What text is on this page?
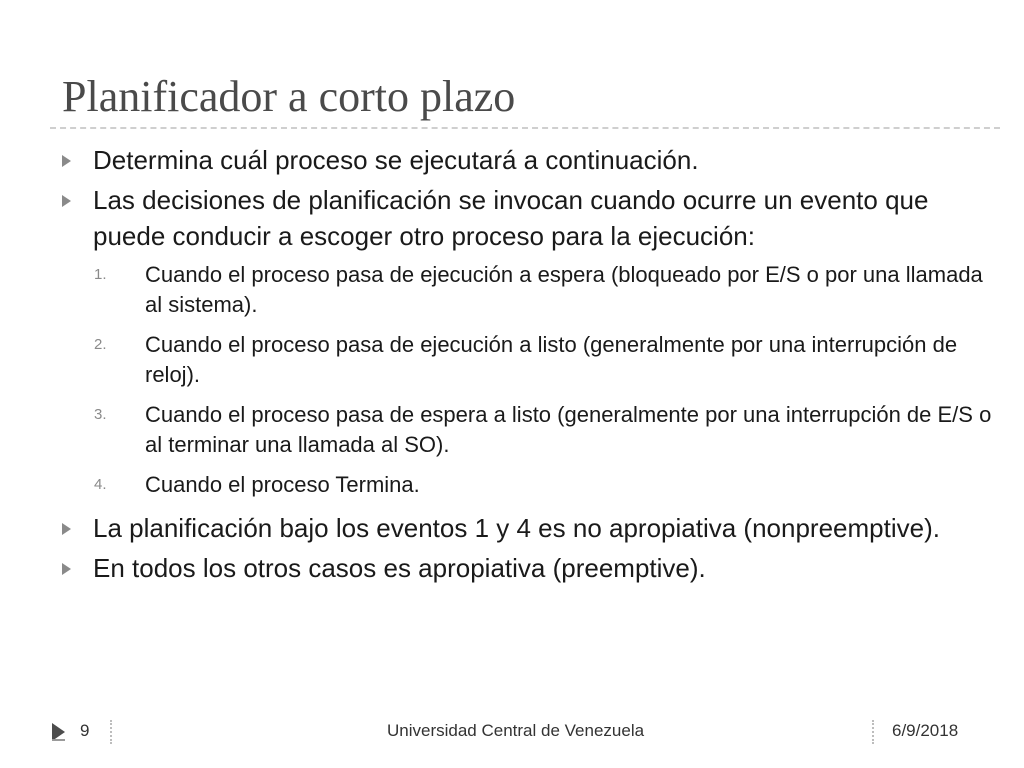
Planificador a corto plazo
Determina cuál proceso se ejecutará a continuación.
Las decisiones de planificación se invocan cuando ocurre un evento que puede conducir a escoger otro proceso para la ejecución:
1. Cuando el proceso pasa de ejecución a espera (bloqueado por E/S o por una llamada al sistema).
2. Cuando el proceso pasa de ejecución a listo (generalmente por una interrupción de reloj).
3. Cuando el proceso pasa de espera a listo (generalmente por una interrupción de E/S o al terminar una llamada al SO).
4. Cuando el proceso Termina.
La planificación bajo los eventos 1 y 4 es no apropiativa (nonpreemptive).
En todos los otros casos es apropiativa (preemptive).
9	Universidad Central de Venezuela	6/9/2018
